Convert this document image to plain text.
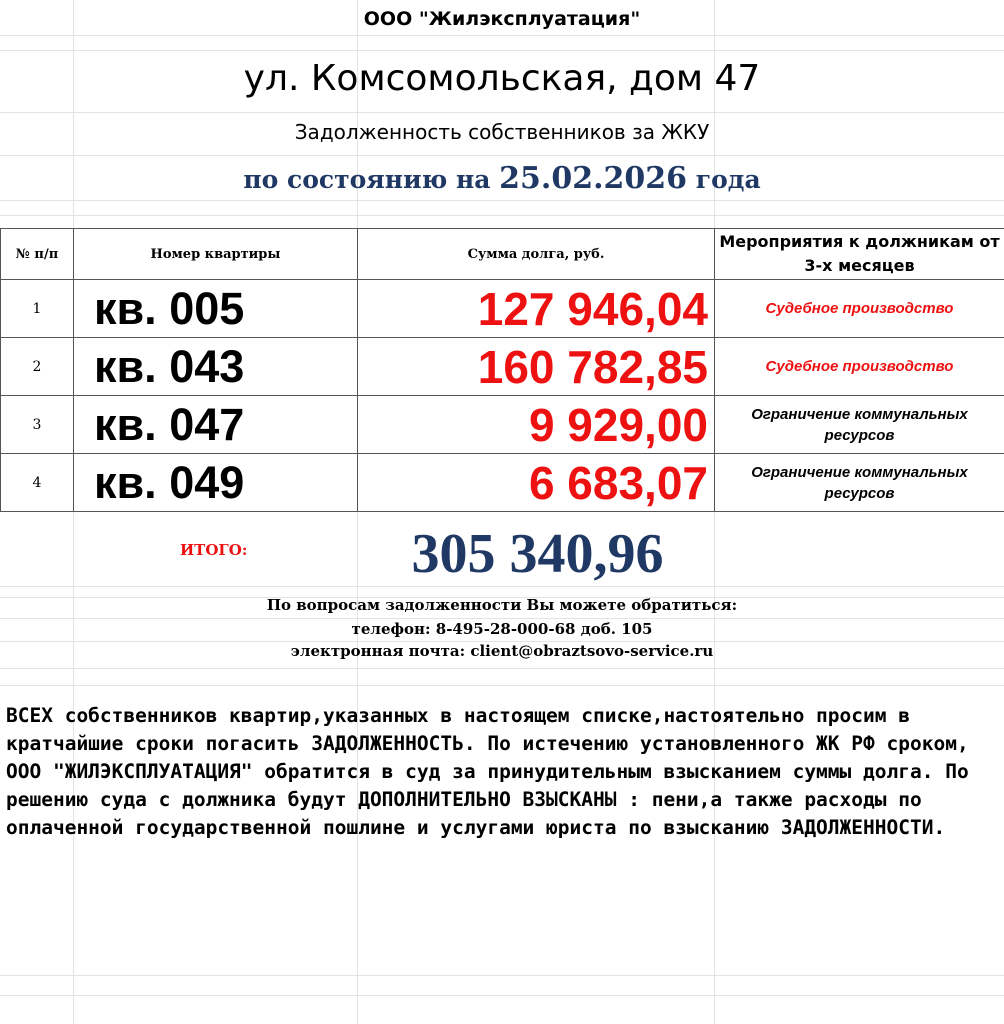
ООО "Жилэксплуатация"
ул. Комсомольская, дом 47
Задолженность собственников за ЖКУ
по состоянию на 25.02.2026 года
№ п/п	Номер квартиры	Сумма долга, руб.	Мероприятия к должникам от 3-х месяцев

1	кв. 005	127 946,04	Судебное производство
2	кв. 043	160 782,85	Судебное производство
3	кв. 047	9 929,00	Ограничение коммунальных ресурсов
4	кв. 049	6 683,07	Ограничение коммунальных ресурсов
ИТОГО:	305 340,96
По вопросам задолженности Вы можете обратиться:
телефон: 8-495-28-000-68 доб. 105
электронная почта: client@obraztsovo-service.ru
ВСЕХ собственников квартир,указанных в настоящем списке,настоятельно просим в кратчайшие сроки погасить ЗАДОЛЖЕННОСТЬ. По истечению установленного ЖК РФ сроком, ООО "ЖИЛЭКСПЛУАТАЦИЯ" обратится в суд за принудительным взысканием суммы долга. По решению суда с должника будут ДОПОЛНИТЕЛЬНО ВЗЫСКАНЫ : пени,а также расходы по оплаченной государственной пошлине и услугами юриста по взысканию ЗАДОЛЖЕННОСТИ.
